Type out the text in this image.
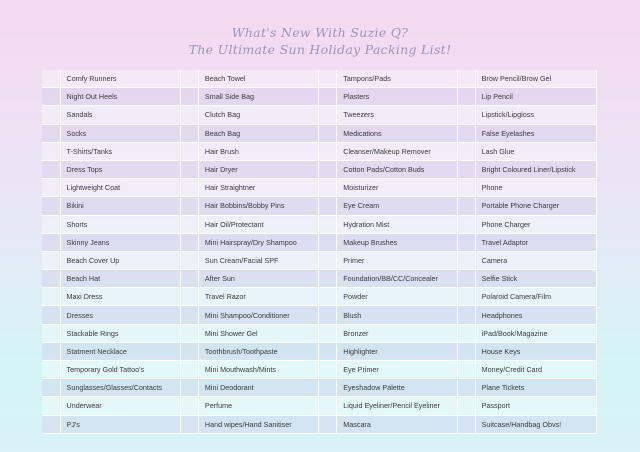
What's New With Suzie Q?
The Ultimate Sun Holiday Packing List!
	Comfy Runners		Beach Towel		Tampons/Pads		Brow Pencil/Brow Gel
	Night Out Heels		Small Side Bag		Plasters		Lip Pencil
	Sandals		Clutch Bag		Tweezers		Lipstick/Lipgloss
	Socks		Beach Bag		Medications		False Eyelashes
	T-Shirts/Tanks		Hair Brush		Cleanser/Makeup Remover		Lash Glue
	Dress Tops		Hair Dryer		Cotton Pads/Cotton Buds		Bright Coloured Liner/Lipstick
	Lightweight Coat		Hair Straightner		Moisturizer		Phone
	Bikini		Hair Bobbins/Bobby Pins		Eye Cream		Portable Phone Charger
	Shorts		Hair Oil/Protectant		Hydration Mist		Phone Charger
	Skinny Jeans		Mini Hairspray/Dry Shampoo		Makeup Brushes		Travel Adaptor
	Beach Cover Up		Sun Cream/Facial SPF		Primer		Camera
	Beach Hat		After Sun		Foundation/BB/CC/Concealer		Selfie Stick
	Maxi Dress		Travel Razor		Powder		Polaroid Camera/Film
	Dresses		Mini Shampoo/Conditioner		Blush		Headphones
	Stackable Rings		Mini Shower Gel		Bronzer		iPad/Book/Magazine
	Statment Necklace		Toothbrush/Toothpaste		Highlighter		House Keys
	Temporary Gold Tattoo's		Mini Mouthwash/Mints		Eye Primer		Money/Credit Card
	Sunglasses/Glasses/Contacts		Mini Deodorant		Eyeshadow Palette		Plane Tickets
	Underwear		Perfume		Liquid Eyeliner/Pencil Eyeliner		Passport
	PJ's		Hand wipes/Hand Sanitiser		Mascara		Suitcase/Handbag Obvs!
